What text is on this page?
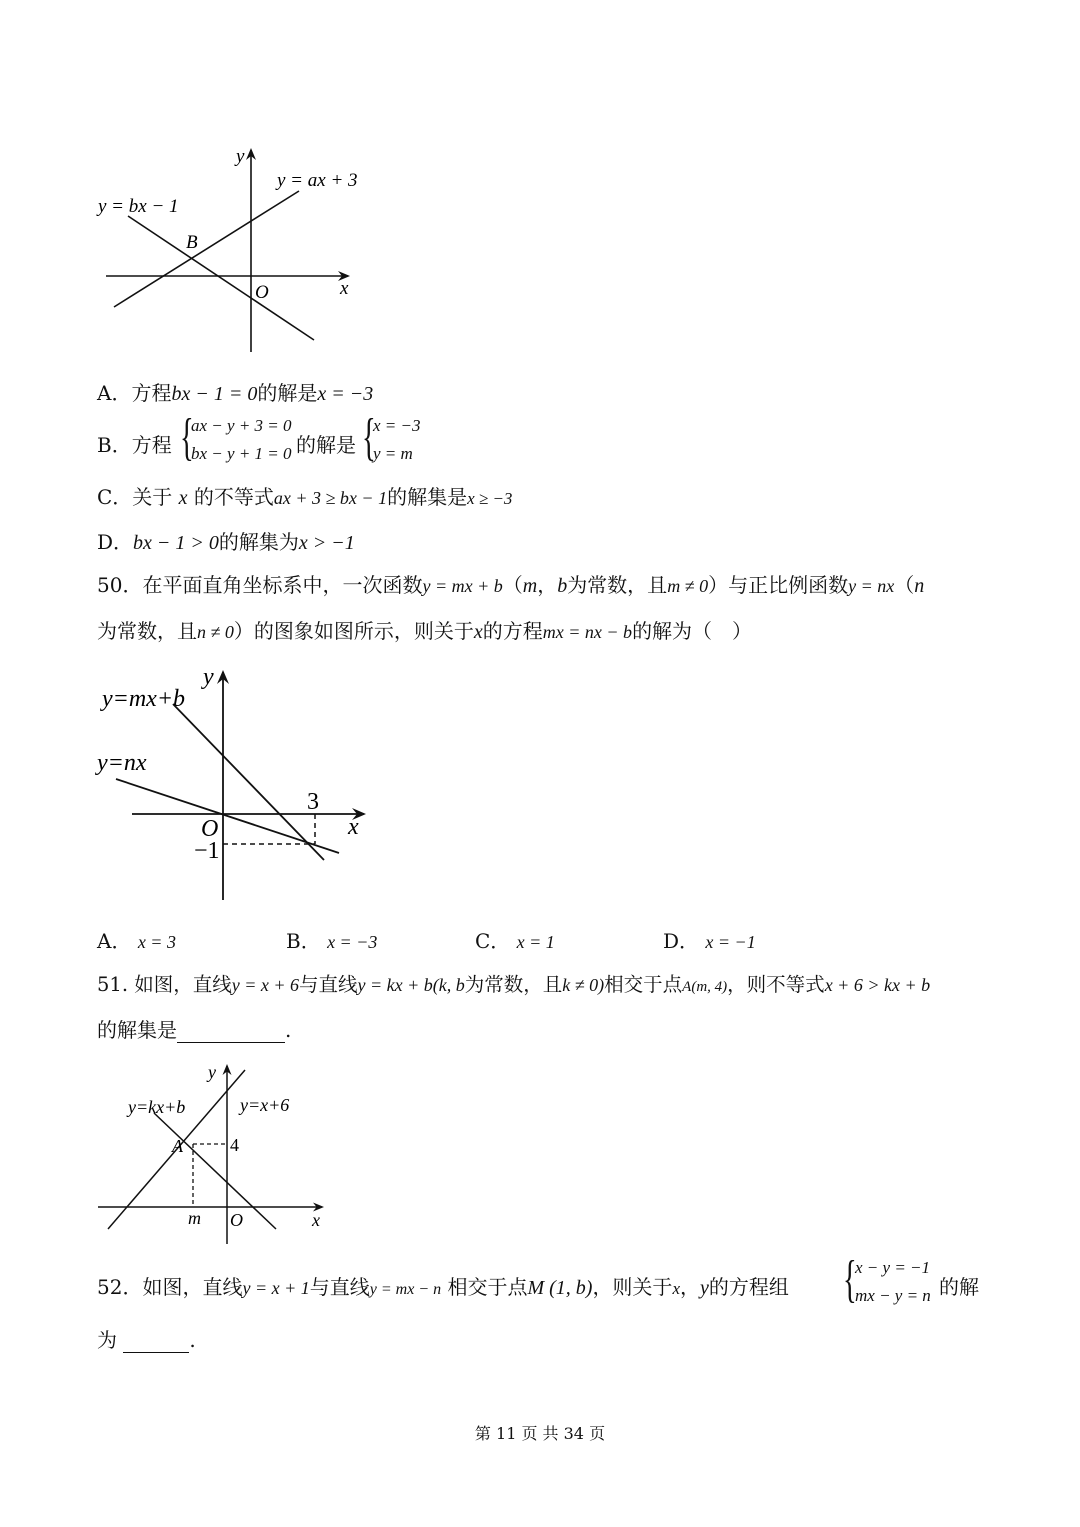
y
x
O
B
y = ax + 3
y = bx − 1
A．方程bx − 1 = 0的解是x = −3
B．方程 {
ax − y + 3 = 0
bx − y + 1 = 0 的解是 {
x = −3
y = m
C．关于 x 的不等式ax + 3 ≥ bx − 1的解集是x ≥ −3
D．bx − 1 > 0的解集为x > −1
50．在平面直角坐标系中，一次函数y = mx + b（m，b为常数，且m ≠ 0）与正比例函数y = nx（n
为常数，且n ≠ 0）的图象如图所示，则关于x的方程mx = nx − b的解为（　）
y
x
O
y=mx+b
y=nx
3
−1
A． x = 3	B． x = −3	C． x = 1	D． x = −1
51. 如图，直线y = x + 6与直线y = kx + b(k, b为常数，且k ≠ 0)相交于点A(m, 4)，则不等式x + 6 > kx + b
的解集是	.
y
x
O
A
m
4
y=kx+b	y=x+6
52．如图，直线y = x + 1与直线y = mx − n 相交于点M (1, b)，则关于x，y的方程组 {
x − y = −1
mx − y = n 的解
为	.
第 11 页 共 34 页
